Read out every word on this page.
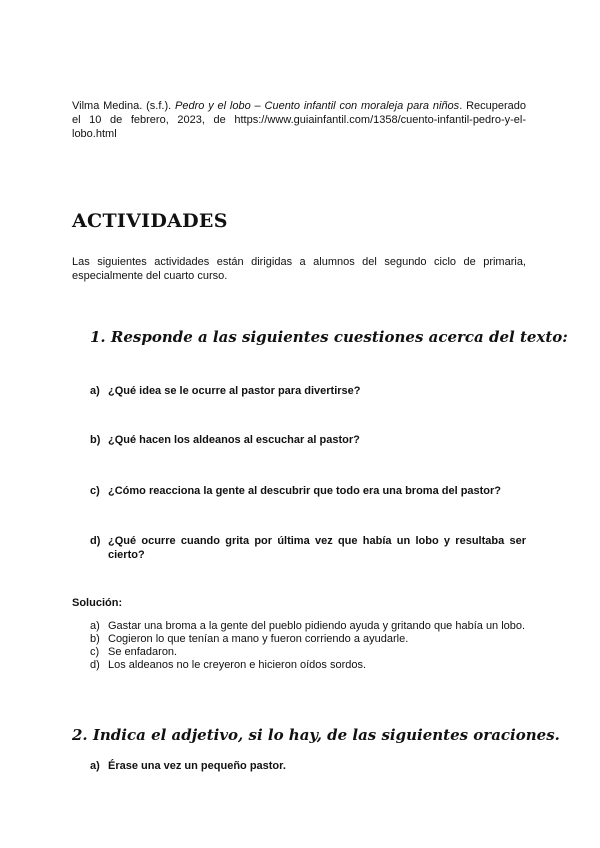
Vilma Medina. (s.f.). Pedro y el lobo – Cuento infantil con moraleja para niños. Recuperado el 10 de febrero, 2023, de https://www.guiainfantil.com/1358/cuento-infantil-pedro-y-el-lobo.html

ACTIVIDADES

Las siguientes actividades están dirigidas a alumnos del segundo ciclo de primaria, especialmente del cuarto curso.

1. Responde a las siguientes cuestiones acerca del texto:
a) ¿Qué idea se le ocurre al pastor para divertirse?
b) ¿Qué hacen los aldeanos al escuchar al pastor?
c) ¿Cómo reacciona la gente al descubrir que todo era una broma del pastor?
d) ¿Qué ocurre cuando grita por última vez que había un lobo y resultaba ser cierto?

Solución:

a) Gastar una broma a la gente del pueblo pidiendo ayuda y gritando que había un lobo.
b) Cogieron lo que tenían a mano y fueron corriendo a ayudarle.
c) Se enfadaron.
d) Los aldeanos no le creyeron e hicieron oídos sordos.
2. Indica el adjetivo, si lo hay, de las siguientes oraciones.
a) Érase una vez un pequeño pastor.
